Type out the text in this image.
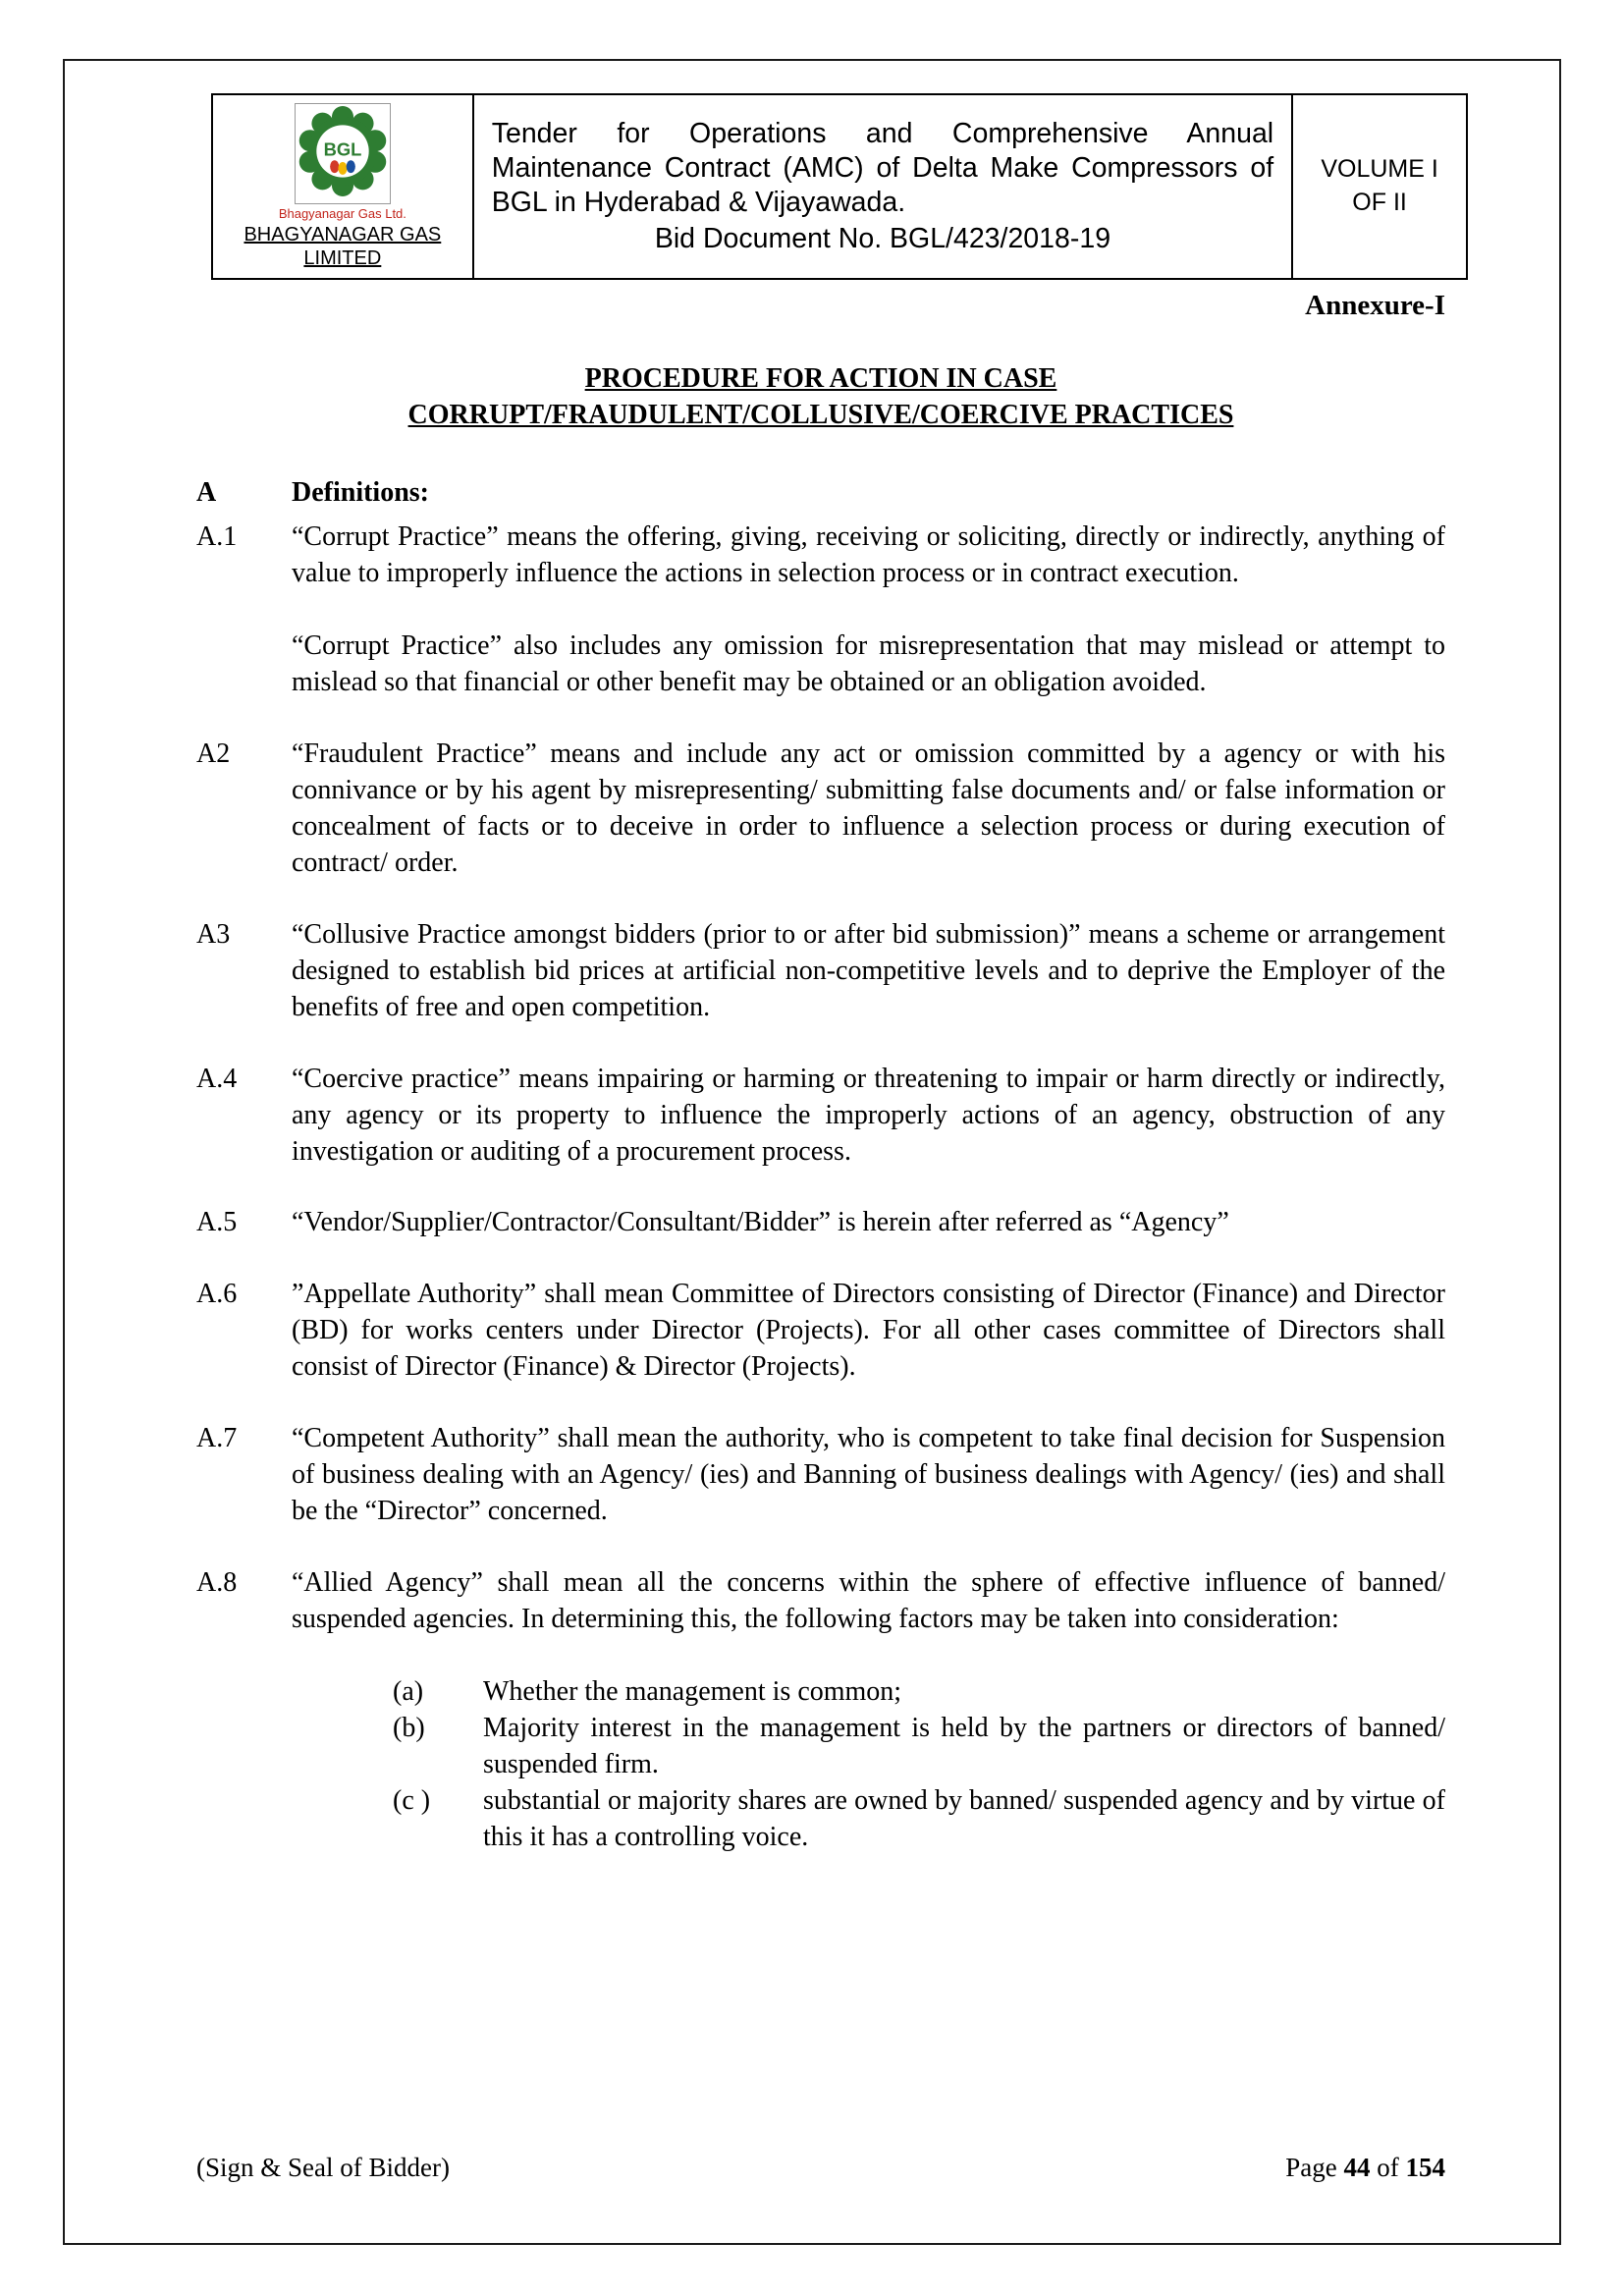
BGL
Bhagyanagar Gas Ltd.
BHAGYANAGAR GAS
LIMITED

Tender for Operations and Comprehensive Annual Maintenance Contract (AMC) of Delta Make Compressors of BGL in Hyderabad & Vijayawada.
Bid Document No. BGL/423/2018-19

VOLUME I
OF II
Annexure-I
PROCEDURE FOR ACTION IN CASE
CORRUPT/FRAUDULENT/COLLUSIVE/COERCIVE PRACTICES
A	Definitions:
A.1	“Corrupt Practice” means the offering, giving, receiving or soliciting, directly or indirectly, anything of value to improperly influence the actions in selection process or in contract execution.

“Corrupt Practice” also includes any omission for misrepresentation that may mislead or attempt to mislead so that financial or other benefit may be obtained or an obligation avoided.

A2	“Fraudulent Practice” means and include any act or omission committed by a agency or with his connivance or by his agent by misrepresenting/ submitting false documents and/ or false information or concealment of facts or to deceive in order to influence a selection process or during execution of contract/ order.

A3	“Collusive Practice amongst bidders (prior to or after bid submission)” means a scheme or arrangement designed to establish bid prices at artificial non-competitive levels and to deprive the Employer of the benefits of free and open competition.

A.4	“Coercive practice” means impairing or harming or threatening to impair or harm directly or indirectly, any agency or its property to influence the improperly actions of an agency, obstruction of any investigation or auditing of a procurement process.

A.5	“Vendor/Supplier/Contractor/Consultant/Bidder” is herein after referred as “Agency”

A.6	”Appellate Authority” shall mean Committee of Directors consisting of Director (Finance) and Director (BD) for works centers under Director (Projects). For all other cases committee of Directors shall consist of Director (Finance) & Director (Projects).

A.7	“Competent Authority” shall mean the authority, who is competent to take final decision for Suspension of business dealing with an Agency/ (ies) and Banning of business dealings with Agency/ (ies) and shall be the “Director” concerned.

A.8	“Allied Agency” shall mean all the concerns within the sphere of effective influence of banned/ suspended agencies. In determining this, the following factors may be taken into consideration:

(a)	Whether the management is common;
(b)	Majority interest in the management is held by the partners or directors of banned/ suspended firm.
(c )	substantial or majority shares are owned by banned/ suspended agency and by virtue of this it has a controlling voice.
(Sign & Seal of Bidder)	Page 44 of 154
